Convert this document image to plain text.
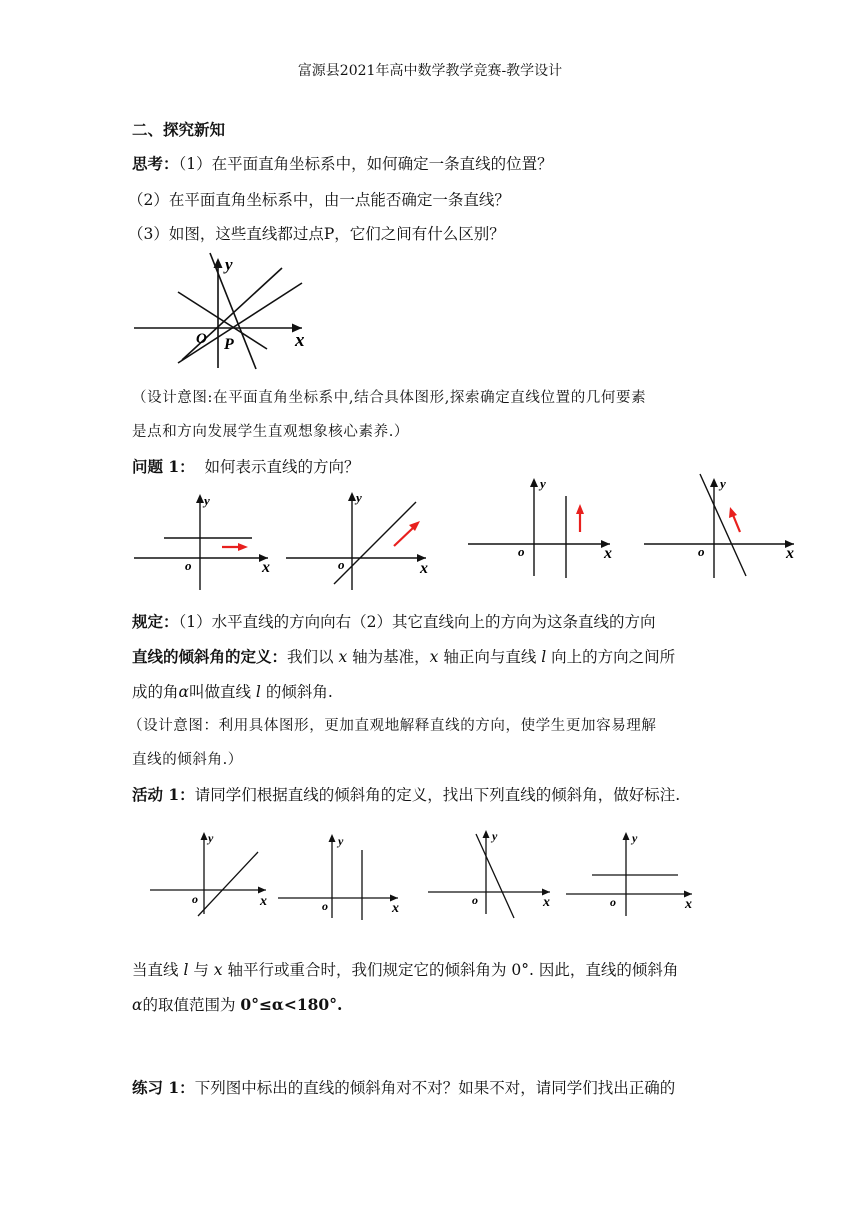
富源县2021年高中数学教学竞赛-教学设计
二、探究新知
思考：（1）在平面直角坐标系中，如何确定一条直线的位置？
（2）在平面直角坐标系中，由一点能否确定一条直线？
（3）如图，这些直线都过点P，它们之间有什么区别？
y
x
O P
（设计意图:在平面直角坐标系中,结合具体图形,探索确定直线位置的几何要素
是点和方向发展学生直观想象核心素养.）
问题 1： 如何表示直线的方向？
y
x
o
y
x
o
y
x
o
y
x
o
规定：（1）水平直线的方向向右（2）其它直线向上的方向为这条直线的方向
直线的倾斜角的定义：我们以 x 轴为基准，x 轴正向与直线 l 向上的方向之间所
成的角α叫做直线 l 的倾斜角.
（设计意图：利用具体图形，更加直观地解释直线的方向，使学生更加容易理解
直线的倾斜角.）
活动 1：请同学们根据直线的倾斜角的定义，找出下列直线的倾斜角，做好标注.
y
x
o
y
x
o
y
x
o
y
x
o
当直线 l 与 x 轴平行或重合时，我们规定它的倾斜角为 0°. 因此，直线的倾斜角
α的取值范围为 0°≤α<180°.
练习 1：下列图中标出的直线的倾斜角对不对？如果不对，请同学们找出正确的
